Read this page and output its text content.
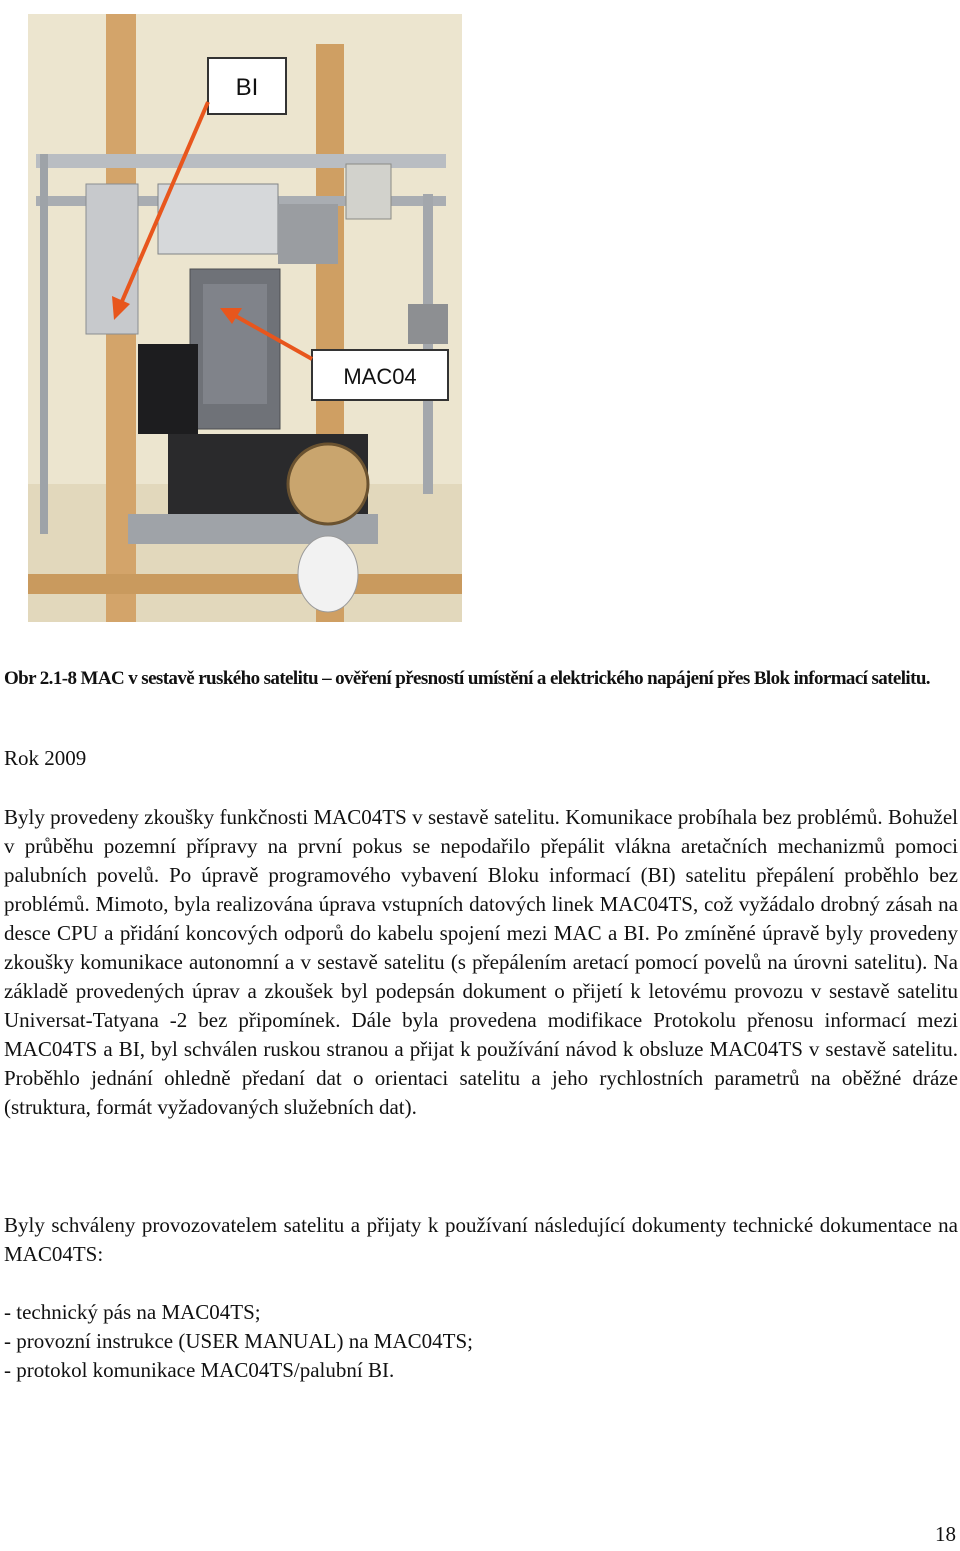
BI
MAC04
Obr 2.1-8 MAC v sestavě ruského satelitu – ověření přesností umístění a elektrického napájení přes Blok informací satelitu.
Rok 2009

Byly provedeny zkoušky funkčnosti MAC04TS v sestavě satelitu. Komunikace probíhala bez problémů. Bohužel v průběhu pozemní přípravy na první pokus se nepodařilo přepálit vlákna aretačních mechanizmů pomoci palubních povelů. Po úpravě programového vybavení Bloku informací (BI) satelitu přepálení proběhlo bez problémů. Mimoto, byla realizována úprava vstupních datových linek MAC04TS, což vyžádalo drobný zásah na desce CPU a přidání koncových odporů do kabelu spojení mezi MAC a BI. Po zmíněné úpravě byly provedeny zkoušky komunikace autonomní a v sestavě satelitu (s přepálením aretací pomocí povelů na úrovni satelitu). Na základě provedených úprav a zkoušek byl podepsán dokument o přijetí k letovému provozu v sestavě satelitu Universat-Tatyana -2 bez připomínek. Dále byla provedena modifikace Protokolu přenosu informací mezi MAC04TS a BI, byl schválen ruskou stranou a přijat k používání návod k obsluze MAC04TS v sestavě satelitu. Proběhlo jednání ohledně předaní dat o orientaci satelitu a jeho rychlostních parametrů na oběžné dráze (struktura, formát vyžadovaných služebních dat).

Byly schváleny provozovatelem satelitu a přijaty k používaní následující dokumenty technické dokumentace na MAC04TS:

- technický pás na MAC04TS;
- provozní instrukce (USER MANUAL) na MAC04TS;
- protokol komunikace MAC04TS/palubní BI.
18
